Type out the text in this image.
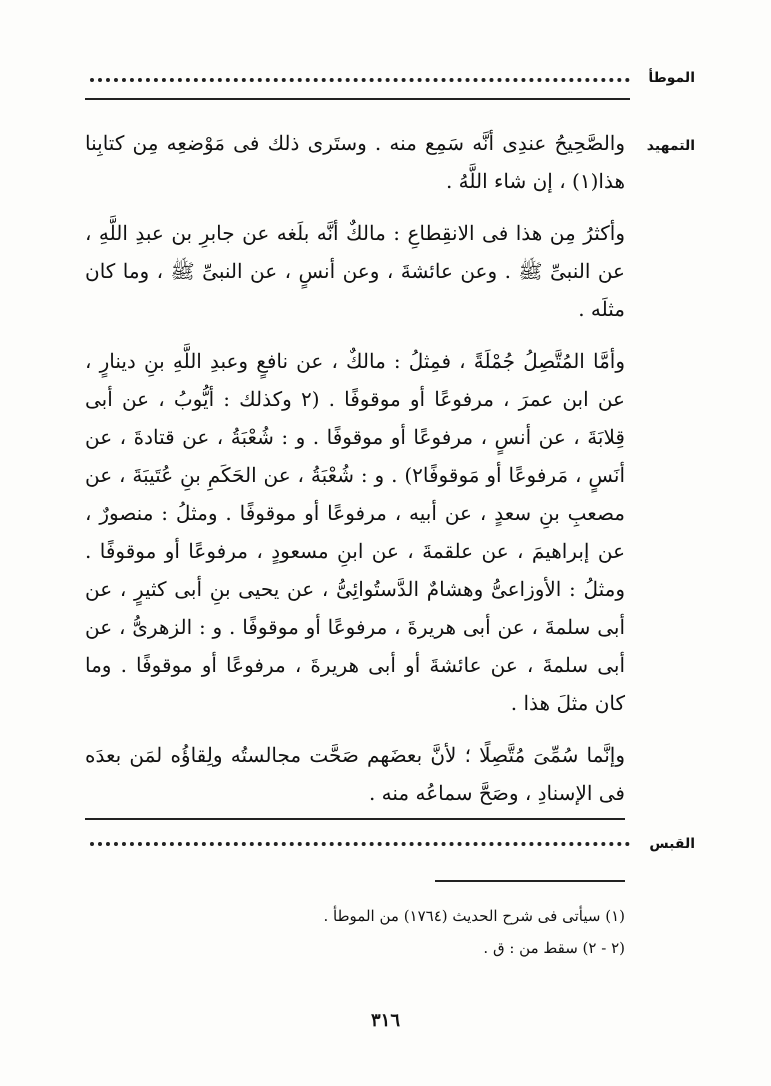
الموطأ
التمهيد

والصَّحِيحُ عندِى أنَّه سَمِع منه . وستَرى ذلك فى مَوْضعِه مِن كتابِنا هذا(١) ، إن شاء اللَّهُ .

وأكثرُ مِن هذا فى الانقِطاعِ : مالكٌ أنَّه بلَغه عن جابرِ بن عبدِ اللَّهِ ، عن النبىِّ ﷺ . وعن عائشةَ ، وعن أنسٍ ، عن النبىِّ ﷺ ، وما كان مثلَه .

وأمَّا المُتَّصِلُ جُمْلَةً ، فمِثلُ : مالكٌ ، عن نافعٍ وعبدِ اللَّهِ بنِ دينارٍ ، عن ابن عمرَ ، مرفوعًا أو موقوفًا . (٢ وكذلك : أيُّوبُ ، عن أبى قِلابَةَ ، عن أنسٍ ، مرفوعًا أو موقوفًا . و : شُعْبَةُ ، عن قتادةَ ، عن أنَسٍ ، مَرفوعًا أو مَوقوفًا٢) . و : شُعْبَةُ ، عن الحَكَمِ بنِ عُتَيبَةَ ، عن مصعبِ بنِ سعدٍ ، عن أبيه ، مرفوعًا أو موقوفًا . ومثلُ : منصورٌ ، عن إبراهيمَ ، عن علقمةَ ، عن ابنِ مسعودٍ ، مرفوعًا أو موقوفًا . ومثلُ : الأوزاعىُّ وهشامٌ الدَّستُوائِىُّ ، عن يحيى بنِ أبى كثيرٍ ، عن أبى سلمةَ ، عن أبى هريرةَ ، مرفوعًا أو موقوفًا . و : الزهرىُّ ، عن أبى سلمةَ ، عن عائشةَ أو أبى هريرةَ ، مرفوعًا أو موقوفًا . وما كان مثلَ هذا .

وإنَّما سُمِّىَ مُتَّصِلًا ؛ لأنَّ بعضَهم صَحَّت مجالستُه ولِقاؤُه لمَن بعدَه فى الإسنادِ ، وصَحَّ سماعُه منه .

القبس
(١) سيأتى فى شرح الحديث (١٧٦٤) من الموطأ .
(٢ - ٢) سقط من : ق .
٣١٦
